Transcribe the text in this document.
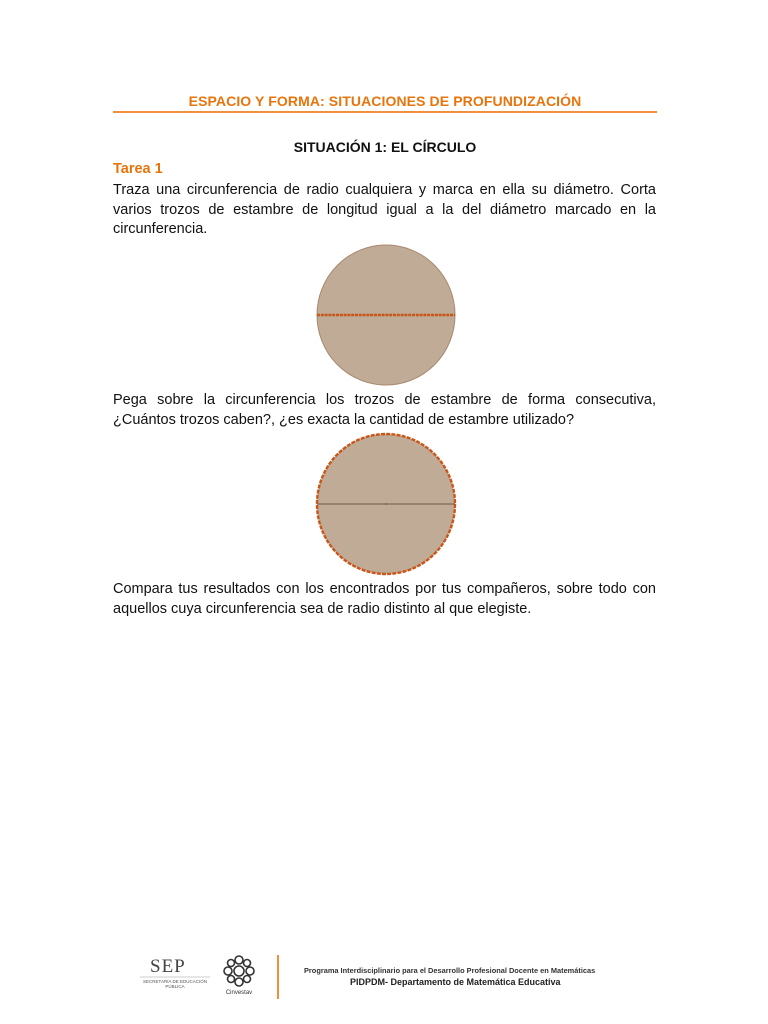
ESPACIO Y FORMA: SITUACIONES DE PROFUNDIZACIÓN
SITUACIÓN 1: EL CÍRCULO
Tarea 1
Traza una circunferencia de radio cualquiera y marca en ella su diámetro. Corta varios trozos de estambre de longitud igual a la del diámetro marcado en la circunferencia.
Pega sobre la circunferencia los trozos de estambre de forma consecutiva, ¿Cuántos trozos caben?, ¿es exacta la cantidad de estambre utilizado?
Compara tus resultados con los encontrados por tus compañeros, sobre todo con aquellos cuya circunferencia sea de radio distinto al que elegiste.
SEP
SECRETARÍA DE EDUCACIÓN PÚBLICA
Cinvestav
Programa Interdisciplinario para el Desarrollo Profesional Docente en Matemáticas
PIDPDM- Departamento de Matemática Educativa
